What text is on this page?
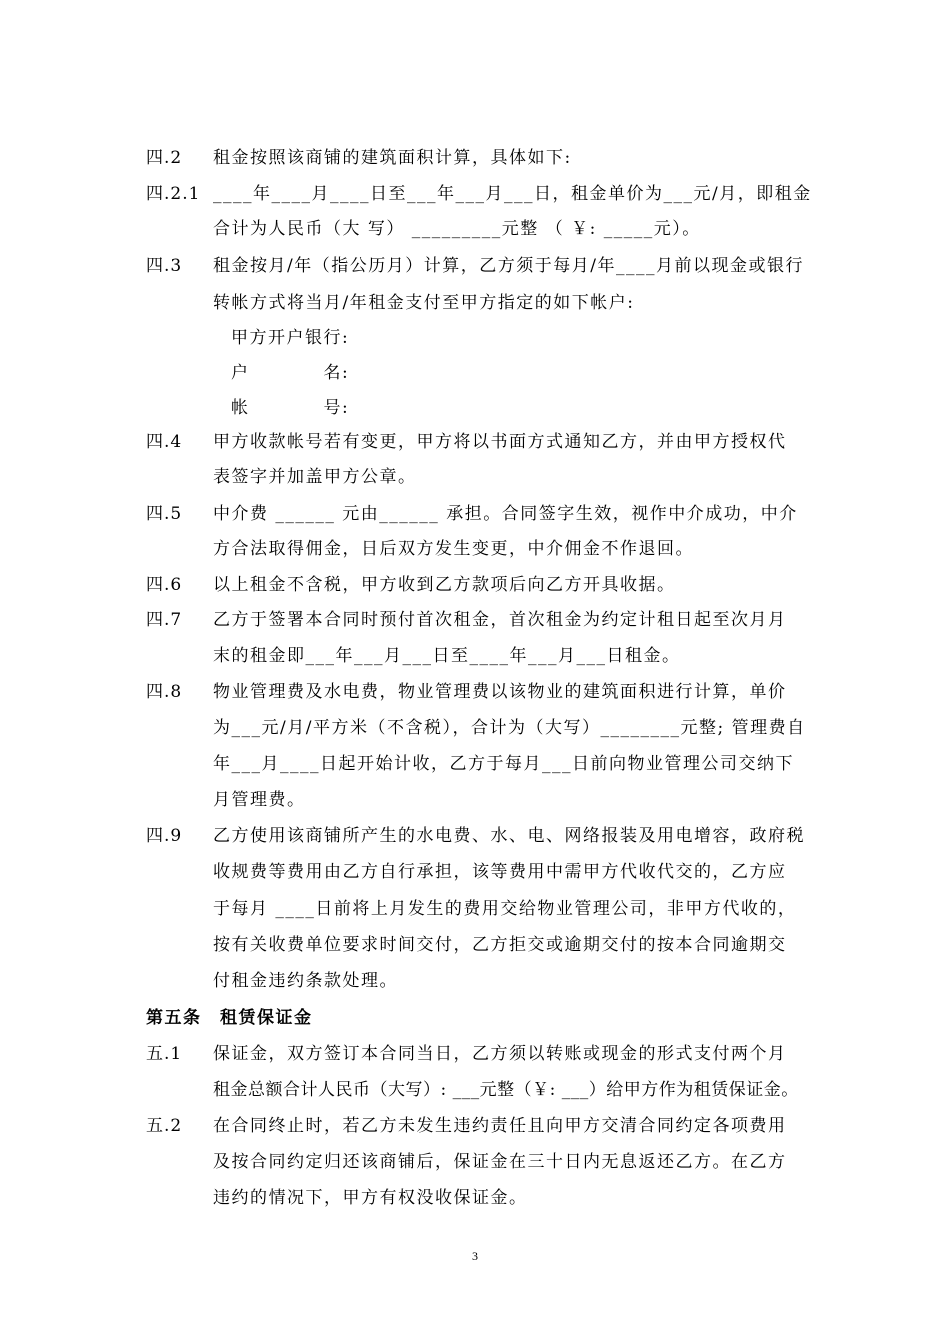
四.2 租金按照该商铺的建筑面积计算，具体如下:
四.2.1 ____年____月____日至___年___月___日，租金单价为___元/月，即租金
合计为人民币（大 写） _________元整 （ ￥: _____元）。
四.3 租金按月/年（指公历月）计算，乙方须于每月/年____月前以现金或银行
转帐方式将当月/年租金支付至甲方指定的如下帐户:
甲方开户银行:
户　　　　名:
帐　　　　号:
四.4 甲方收款帐号若有变更，甲方将以书面方式通知乙方，并由甲方授权代
表签字并加盖甲方公章。
四.5 中介费 ______ 元由______ 承担。合同签字生效，视作中介成功，中介
方合法取得佣金，日后双方发生变更，中介佣金不作退回。
四.6 以上租金不含税，甲方收到乙方款项后向乙方开具收据。
四.7 乙方于签署本合同时预付首次租金，首次租金为约定计租日起至次月月
末的租金即___年___月___日至____年___月___日租金。
四.8 物业管理费及水电费，物业管理费以该物业的建筑面积进行计算，单价
为___元/月/平方米（不含税），合计为（大写）________元整; 管理费自
年___月____日起开始计收，乙方于每月___日前向物业管理公司交纳下
月管理费。
四.9 乙方使用该商铺所产生的水电费、水、电、网络报装及用电增容，政府税
收规费等费用由乙方自行承担，该等费用中需甲方代收代交的，乙方应
于每月 ____日前将上月发生的费用交给物业管理公司，非甲方代收的，
按有关收费单位要求时间交付，乙方拒交或逾期交付的按本合同逾期交
付租金违约条款处理。
第五条　租赁保证金
五.1 保证金，双方签订本合同当日，乙方须以转账或现金的形式支付两个月
租金总额合计人民币（大写）: ___元整（￥: ___）给甲方作为租赁保证金。
五.2 在合同终止时，若乙方未发生违约责任且向甲方交清合同约定各项费用
及按合同约定归还该商铺后，保证金在三十日内无息返还乙方。在乙方
违约的情况下，甲方有权没收保证金。
3
